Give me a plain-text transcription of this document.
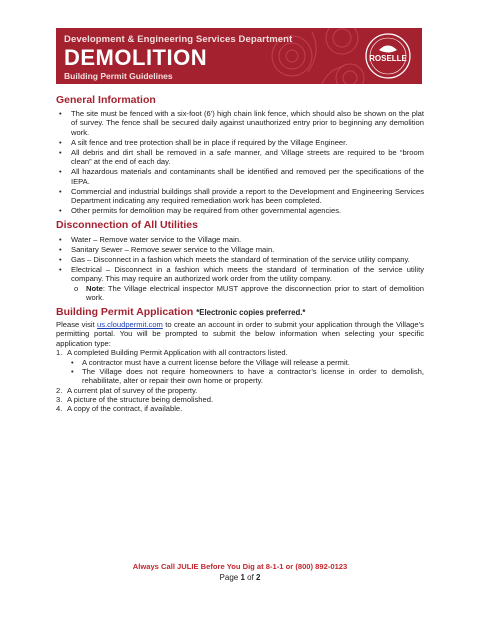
Development & Engineering Services Department
DEMOLITION
Building Permit Guidelines
ROSELLE
General Information
• The site must be fenced with a six-foot (6') high chain link fence, which should also be shown on the plat of survey. The fence shall be secured daily against unauthorized entry prior to beginning any demolition work.
• A silt fence and tree protection shall be in place if required by the Village Engineer.
• All debris and dirt shall be removed in a safe manner, and Village streets are required to be “broom clean” at the end of each day.
• All hazardous materials and contaminants shall be identified and removed per the specifications of the IEPA.
• Commercial and industrial buildings shall provide a report to the Development and Engineering Services Department indicating any required remediation work has been completed.
• Other permits for demolition may be required from other governmental agencies.
Disconnection of All Utilities
• Water – Remove water service to the Village main.
• Sanitary Sewer – Remove sewer service to the Village main.
• Gas – Disconnect in a fashion which meets the standard of termination of the service utility company.
• Electrical – Disconnect in a fashion which meets the standard of termination of the service utility company. This may require an authorized work order from the utility company.
o Note: The Village electrical inspector MUST approve the disconnection prior to start of demolition work.
Building Permit Application *Electronic copies preferred.*

Please visit us.cloudpermit.com to create an account in order to submit your application through the Village’s permitting portal. You will be prompted to submit the below information when selecting your specific application type:

1. A completed Building Permit Application with all contractors listed.
• A contractor must have a current license before the Village will release a permit.
• The Village does not require homeowners to have a contractor’s license in order to demolish, rehabilitate, alter or repair their own home or property.
2. A current plat of survey of the property.
3. A picture of the structure being demolished.
4. A copy of the contract, if available.
Always Call JULIE Before You Dig at 8-1-1 or (800) 892-0123
Page 1 of 2
